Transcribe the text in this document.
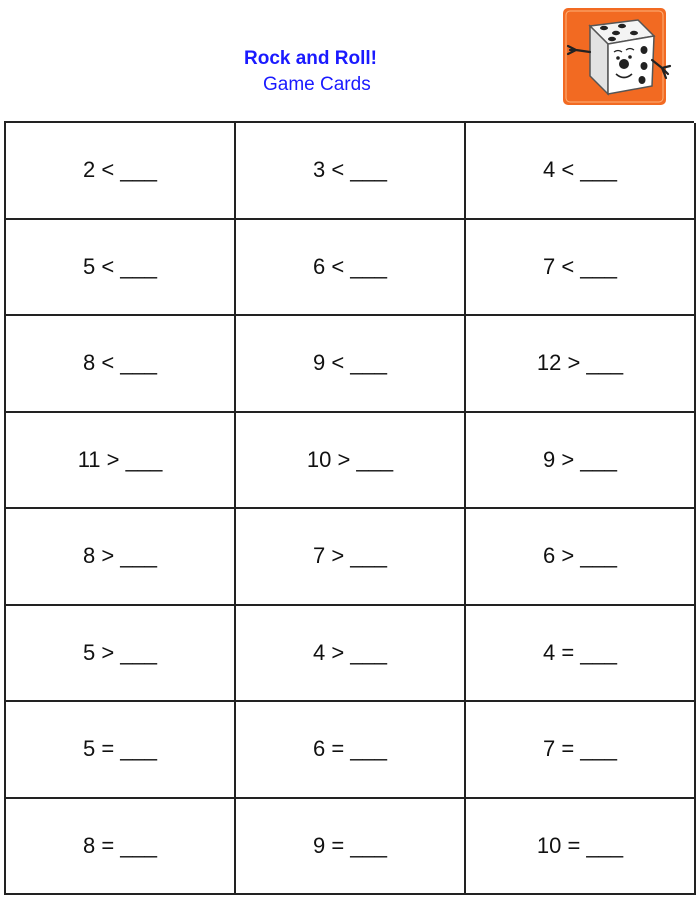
Rock and Roll!
Game Cards
2 < ___	3 < ___	4 < ___
5 < ___	6 < ___	7 < ___
8 < ___	9 < ___	12 > ___
11 > ___	10 > ___	9 > ___
8 > ___	7 > ___	6 > ___
5 > ___	4 > ___	4 = ___
5 = ___	6 = ___	7 = ___
8 = ___	9 = ___	10 = ___
